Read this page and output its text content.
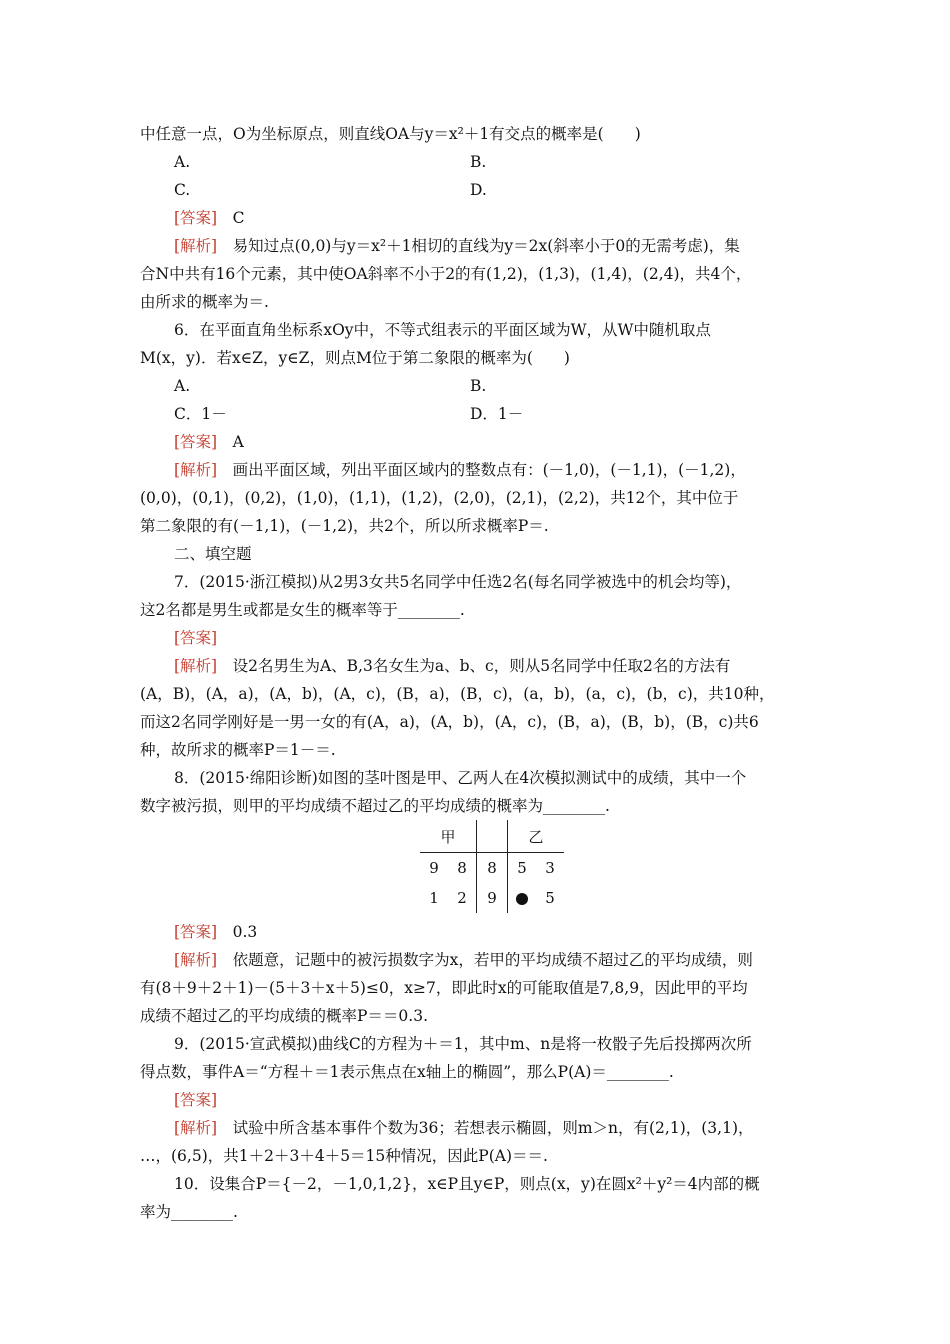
中任意一点，O为坐标原点，则直线OA与y＝x²＋1有交点的概率是(　　)
A.	B.
C.	D.
[答案]　C
[解析]　易知过点(0,0)与y＝x²＋1相切的直线为y＝2x(斜率小于0的无需考虑)，集
合N中共有16个元素，其中使OA斜率不小于2的有(1,2)，(1,3)，(1,4)，(2,4)，共4个，
由所求的概率为＝.
6．在平面直角坐标系xOy中，不等式组表示的平面区域为W，从W中随机取点
M(x，y)．若x∈Z，y∈Z，则点M位于第二象限的概率为(　　)
A.	B.
C．1－	D．1－
[答案]　A
[解析]　画出平面区域，列出平面区域内的整数点有：(－1,0)，(－1,1)，(－1,2)，
(0,0)，(0,1)，(0,2)，(1,0)，(1,1)，(1,2)，(2,0)，(2,1)，(2,2)，共12个，其中位于
第二象限的有(－1,1)，(－1,2)，共2个，所以所求概率P＝.
二、填空题
7．(2015·浙江模拟)从2男3女共5名同学中任选2名(每名同学被选中的机会均等)，
这2名都是男生或都是女生的概率等于________.
[答案]
[解析]　设2名男生为A、B,3名女生为a、b、c，则从5名同学中任取2名的方法有
(A，B)，(A，a)，(A，b)，(A，c)，(B，a)，(B，c)，(a，b)，(a，c)，(b，c)，共10种，
而这2名同学刚好是一男一女的有(A，a)，(A，b)，(A，c)，(B，a)，(B，b)，(B，c)共6
种，故所求的概率P＝1－＝.
8．(2015·绵阳诊断)如图的茎叶图是甲、乙两人在4次模拟测试中的成绩，其中一个
数字被污损，则甲的平均成绩不超过乙的平均成绩的概率为________.
甲			乙	
9	8	8	5	3
1	2	9		5
[答案]　0.3
[解析]　依题意，记题中的被污损数字为x，若甲的平均成绩不超过乙的平均成绩，则
有(8＋9＋2＋1)－(5＋3＋x＋5)≤0，x≥7，即此时x的可能取值是7,8,9，因此甲的平均
成绩不超过乙的平均成绩的概率P＝＝0.3.
9．(2015·宣武模拟)曲线C的方程为＋＝1，其中m、n是将一枚骰子先后投掷两次所
得点数，事件A＝“方程＋＝1表示焦点在x轴上的椭圆”，那么P(A)＝________.
[答案]
[解析]　试验中所含基本事件个数为36；若想表示椭圆，则m＞n，有(2,1)，(3,1)，
…，(6,5)，共1＋2＋3＋4＋5＝15种情况，因此P(A)＝＝.
10．设集合P＝{－2，－1,0,1,2}，x∈P且y∈P，则点(x，y)在圆x²＋y²＝4内部的概
率为________.
